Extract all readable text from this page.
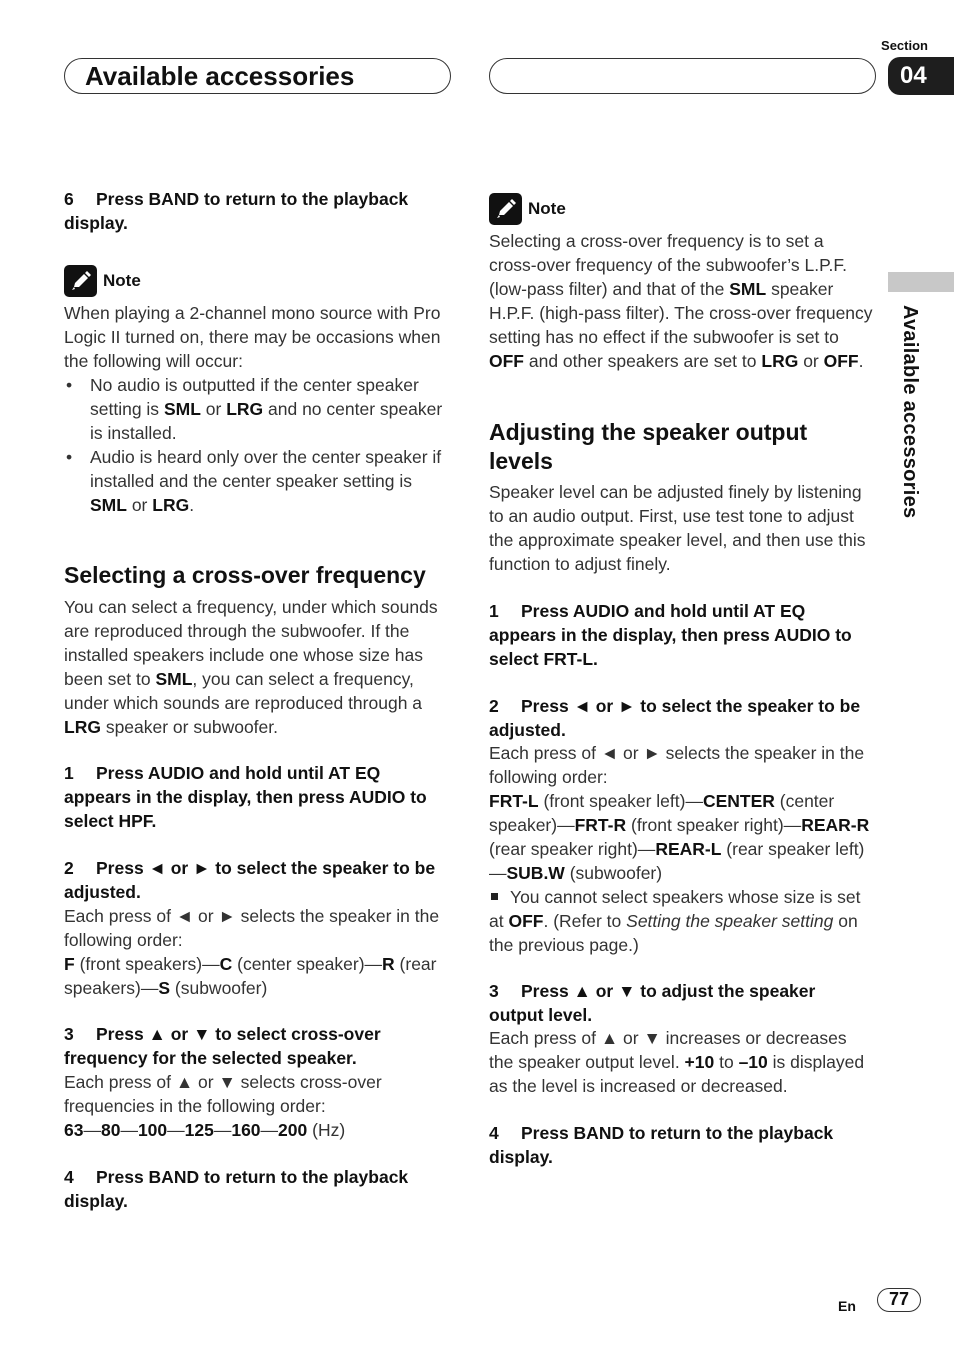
Available accessories
Section
04
Available accessories
6 Press BAND to return to the playback display.
Note
When playing a 2-channel mono source with Pro Logic II turned on, there may be occasions when the following will occur:
• No audio is outputted if the center speaker setting is SML or LRG and no center speaker is installed.
• Audio is heard only over the center speaker if installed and the center speaker setting is SML or LRG.
Selecting a cross-over frequency
You can select a frequency, under which sounds are reproduced through the subwoofer. If the installed speakers include one whose size has been set to SML, you can select a frequency, under which sounds are reproduced through a LRG speaker or subwoofer.
1 Press AUDIO and hold until AT EQ appears in the display, then press AUDIO to select HPF.
2 Press ◄ or ► to select the speaker to be adjusted.
Each press of ◄ or ► selects the speaker in the following order:
F (front speakers)—C (center speaker)—R (rear speakers)—S (subwoofer)
3 Press ▲ or ▼ to select cross-over frequency for the selected speaker.
Each press of ▲ or ▼ selects cross-over frequencies in the following order:
63—80—100—125—160—200 (Hz)
4 Press BAND to return to the playback display.
Note
Selecting a cross-over frequency is to set a cross-over frequency of the subwoofer’s L.P.F. (low-pass filter) and that of the SML speaker H.P.F. (high-pass filter). The cross-over frequency setting has no effect if the subwoofer is set to OFF and other speakers are set to LRG or OFF.
Adjusting the speaker output levels
Speaker level can be adjusted finely by listening to an audio output. First, use test tone to adjust the approximate speaker level, and then use this function to adjust finely.
1 Press AUDIO and hold until AT EQ appears in the display, then press AUDIO to select FRT-L.
2 Press ◄ or ► to select the speaker to be adjusted.
Each press of ◄ or ► selects the speaker in the following order:
FRT-L (front speaker left)—CENTER (center speaker)—FRT-R (front speaker right)—REAR-R (rear speaker right)—REAR-L (rear speaker left)—SUB.W (subwoofer)
You cannot select speakers whose size is set at OFF. (Refer to Setting the speaker setting on the previous page.)
3 Press ▲ or ▼ to adjust the speaker output level.
Each press of ▲ or ▼ increases or decreases the speaker output level. +10 to –10 is displayed as the level is increased or decreased.
4 Press BAND to return to the playback display.
En	77
